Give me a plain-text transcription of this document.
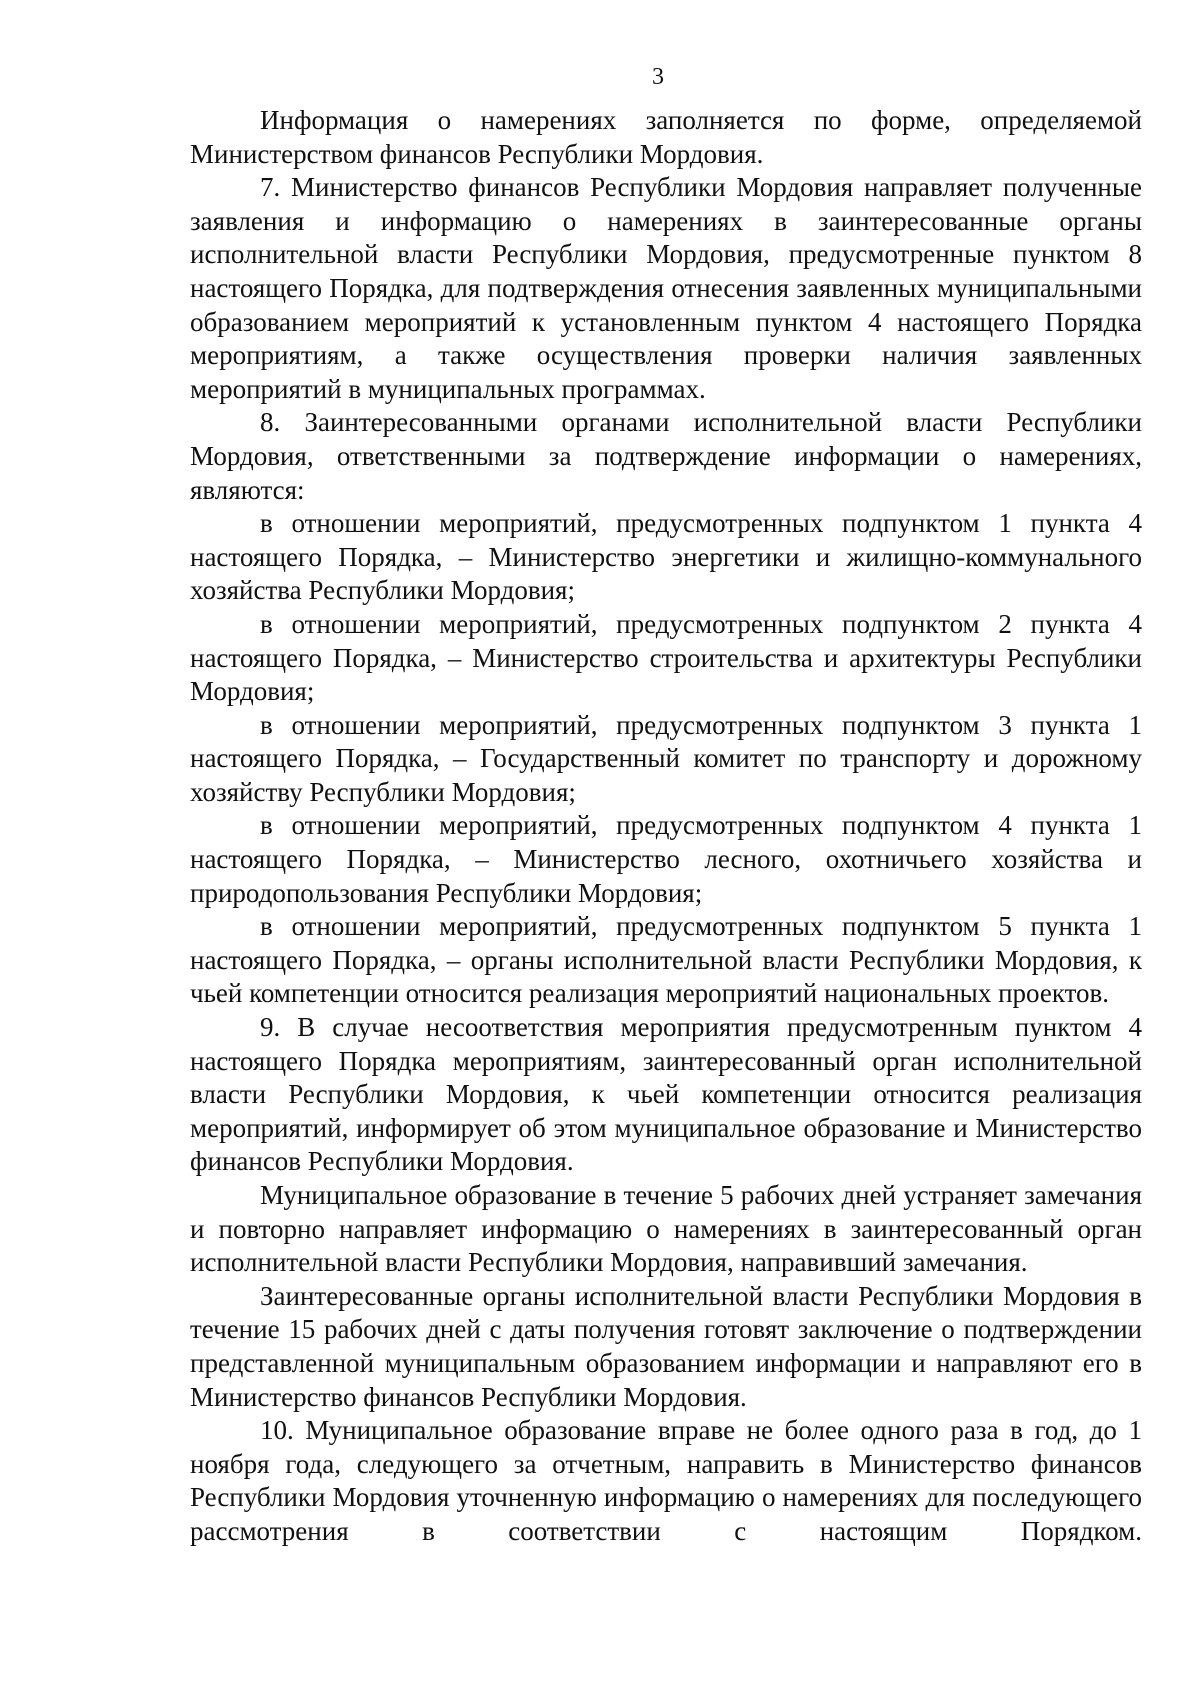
3

Информация о намерениях заполняется по форме, определяемой Министерством финансов Республики Мордовия.

7. Министерство финансов Республики Мордовия направляет полученные заявления и информацию о намерениях в заинтересованные органы исполнительной власти Республики Мордовия, предусмотренные пунктом 8 настоящего Порядка, для подтверждения отнесения заявленных муниципальными образованием мероприятий к установленным пунктом 4 настоящего Порядка мероприятиям, а также осуществления проверки наличия заявленных мероприятий в муниципальных программах.

8. Заинтересованными органами исполнительной власти Республики Мордовия, ответственными за подтверждение информации о намерениях, являются:

в отношении мероприятий, предусмотренных подпунктом 1 пункта 4 настоящего Порядка, – Министерство энергетики и жилищно-коммунального хозяйства Республики Мордовия;

в отношении мероприятий, предусмотренных подпунктом 2 пункта 4 настоящего Порядка, – Министерство строительства и архитектуры Республики Мордовия;

в отношении мероприятий, предусмотренных подпунктом 3 пункта 1 настоящего Порядка, – Государственный комитет по транспорту и дорожному хозяйству Республики Мордовия;

в отношении мероприятий, предусмотренных подпунктом 4 пункта 1 настоящего Порядка, – Министерство лесного, охотничьего хозяйства и природопользования Республики Мордовия;

в отношении мероприятий, предусмотренных подпунктом 5 пункта 1 настоящего Порядка, – органы исполнительной власти Республики Мордовия, к чьей компетенции относится реализация мероприятий национальных проектов.

9. В случае несоответствия мероприятия предусмотренным пунктом 4 настоящего Порядка мероприятиям, заинтересованный орган исполнительной власти Республики Мордовия, к чьей компетенции относится реализация мероприятий, информирует об этом муниципальное образование и Министерство финансов Республики Мордовия.

Муниципальное образование в течение 5 рабочих дней устраняет замечания и повторно направляет информацию о намерениях в заинтересованный орган исполнительной власти Республики Мордовия, направивший замечания.

Заинтересованные органы исполнительной власти Республики Мордовия в течение 15 рабочих дней с даты получения готовят заключение о подтверждении представленной муниципальным образованием информации и направляют его в Министерство финансов Республики Мордовия.

10. Муниципальное образование вправе не более одного раза в год, до 1 ноября года, следующего за отчетным, направить в Министерство финансов Республики Мордовия уточненную информацию о намерениях для последующего рассмотрения в соответствии с настоящим Порядком.
